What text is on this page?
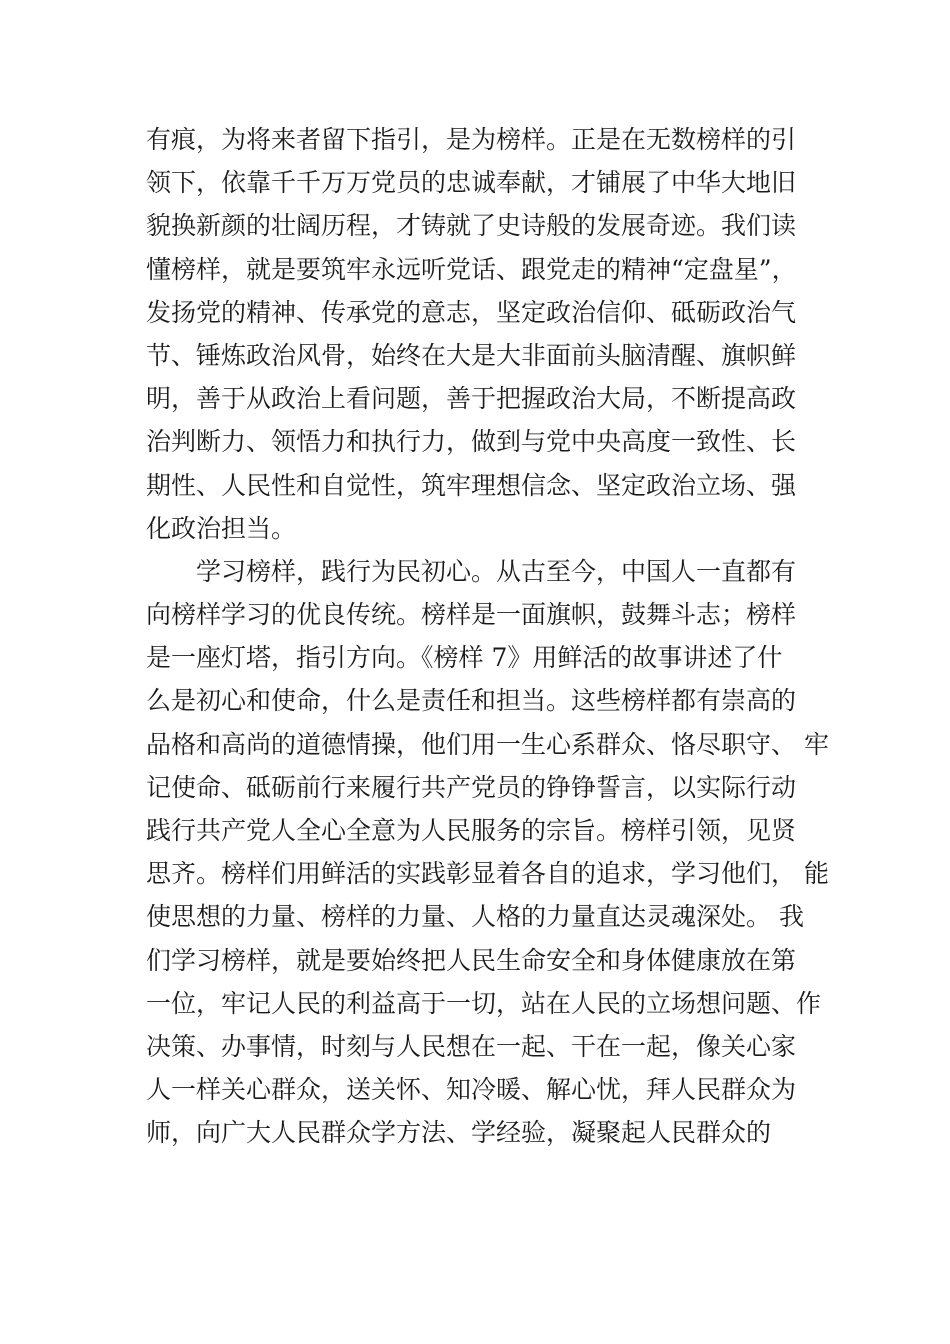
有痕，为将来者留下指引，是为榜样。正是在无数榜样的引
领下，依靠千千万万党员的忠诚奉献，才铺展了中华大地旧
貌换新颜的壮阔历程，才铸就了史诗般的发展奇迹。我们读
懂榜样，就是要筑牢永远听党话、跟党走的精神“定盘星”，
发扬党的精神、传承党的意志，坚定政治信仰、砥砺政治气
节、锤炼政治风骨，始终在大是大非面前头脑清醒、旗帜鲜
明，善于从政治上看问题，善于把握政治大局，不断提高政
治判断力、领悟力和执行力，做到与党中央高度一致性、长
期性、人民性和自觉性，筑牢理想信念、坚定政治立场、强
化政治担当。
学习榜样，践行为民初心。从古至今，中国人一直都有
向榜样学习的优良传统。榜样是一面旗帜，鼓舞斗志；榜样
是一座灯塔，指引方向。《榜样 7》用鲜活的故事讲述了什
么是初心和使命，什么是责任和担当。这些榜样都有崇高的
品格和高尚的道德情操，他们用一生心系群众、恪尽职守、 牢
记使命、砥砺前行来履行共产党员的铮铮誓言，以实际行动
践行共产党人全心全意为人民服务的宗旨。榜样引领，见贤
思齐。榜样们用鲜活的实践彰显着各自的追求，学习他们， 能
使思想的力量、榜样的力量、人格的力量直达灵魂深处。 我
们学习榜样，就是要始终把人民生命安全和身体健康放在第
一位，牢记人民的利益高于一切，站在人民的立场想问题、作
决策、办事情，时刻与人民想在一起、干在一起，像关心家
人一样关心群众，送关怀、知冷暖、解心忧，拜人民群众为
师，向广大人民群众学方法、学经验，凝聚起人民群众的
